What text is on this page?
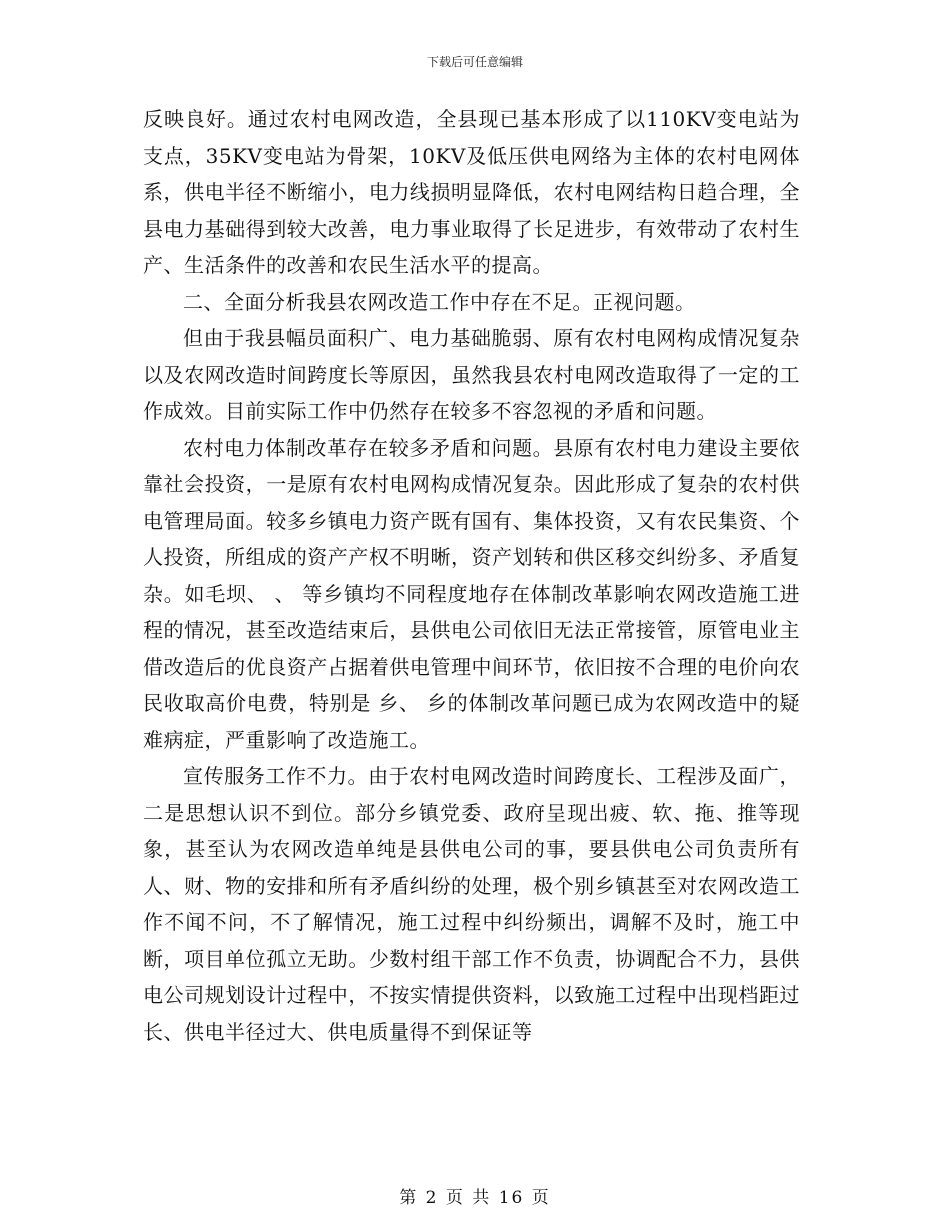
下载后可任意编辑

反映良好。通过农村电网改造，全县现已基本形成了以110KV变电站为支点，35KV变电站为骨架，10KV及低压供电网络为主体的农村电网体系，供电半径不断缩小，电力线损明显降低，农村电网结构日趋合理，全县电力基础得到较大改善，电力事业取得了长足进步，有效带动了农村生产、生活条件的改善和农民生活水平的提高。

二、全面分析我县农网改造工作中存在不足。正视问题。

但由于我县幅员面积广、电力基础脆弱、原有农村电网构成情况复杂以及农网改造时间跨度长等原因，虽然我县农村电网改造取得了一定的工作成效。目前实际工作中仍然存在较多不容忽视的矛盾和问题。

农村电力体制改革存在较多矛盾和问题。县原有农村电力建设主要依靠社会投资，一是原有农村电网构成情况复杂。因此形成了复杂的农村供电管理局面。较多乡镇电力资产既有国有、集体投资，又有农民集资、个人投资，所组成的资产产权不明晰，资产划转和供区移交纠纷多、矛盾复杂。如毛坝、 、 等乡镇均不同程度地存在体制改革影响农网改造施工进程的情况，甚至改造结束后，县供电公司依旧无法正常接管，原管电业主借改造后的优良资产占据着供电管理中间环节，依旧按不合理的电价向农民收取高价电费，特别是 乡、 乡的体制改革问题已成为农网改造中的疑难病症，严重影响了改造施工。

宣传服务工作不力。由于农村电网改造时间跨度长、工程涉及面广，二是思想认识不到位。部分乡镇党委、政府呈现出疲、软、拖、推等现象，甚至认为农网改造单纯是县供电公司的事，要县供电公司负责所有人、财、物的安排和所有矛盾纠纷的处理，极个别乡镇甚至对农网改造工作不闻不问，不了解情况，施工过程中纠纷频出，调解不及时，施工中断，项目单位孤立无助。少数村组干部工作不负责，协调配合不力，县供电公司规划设计过程中，不按实情提供资料，以致施工过程中出现档距过长、供电半径过大、供电质量得不到保证等

第 2 页 共 16 页
